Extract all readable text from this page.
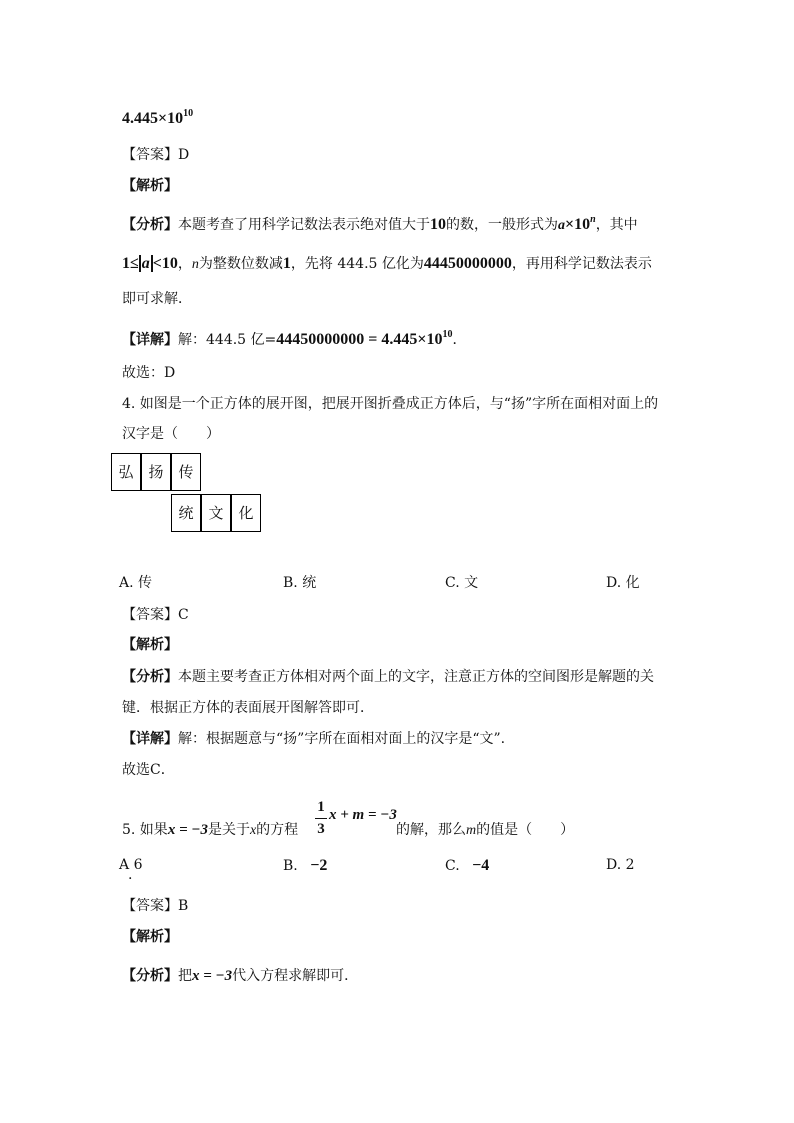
$4.445\times 10^{10}$
【答案】D
【解析】
【分析】本题考查了用科学记数法表示绝对值大于10的数，一般形式为$a\times 10^n$，其中
1≤ a <10，n为整数位数减1，先将 444.5 亿化为44450000000，再用科学记数法表示
即可求解．
【详解】解：444.5 亿$=44450000000 = 4.445\times 10^{10}$．
故选：D
4. 如图是一个正方体的展开图，把展开图折叠成正方体后，与“扬”字所在面相对面上的
汉字是（　　）
弘 扬 传
统 文 化
A. 传	B. 统	C. 文	D. 化
【答案】C
【解析】
【分析】本题主要考查正方体相对两个面上的文字，注意正方体的空间图形是解题的关
键．根据正方体的表面展开图解答即可．
【详解】解：根据题意与“扬”字所在面相对面上的汉字是“文”.
故选C．
5. 如果x = −3是关于x的方程
1
3
x + m = −3
的解，那么m的值是（　　）
A 6
.
B. −2	C. −4	D. 2
【答案】B
【解析】
【分析】把x = −3代入方程求解即可．
